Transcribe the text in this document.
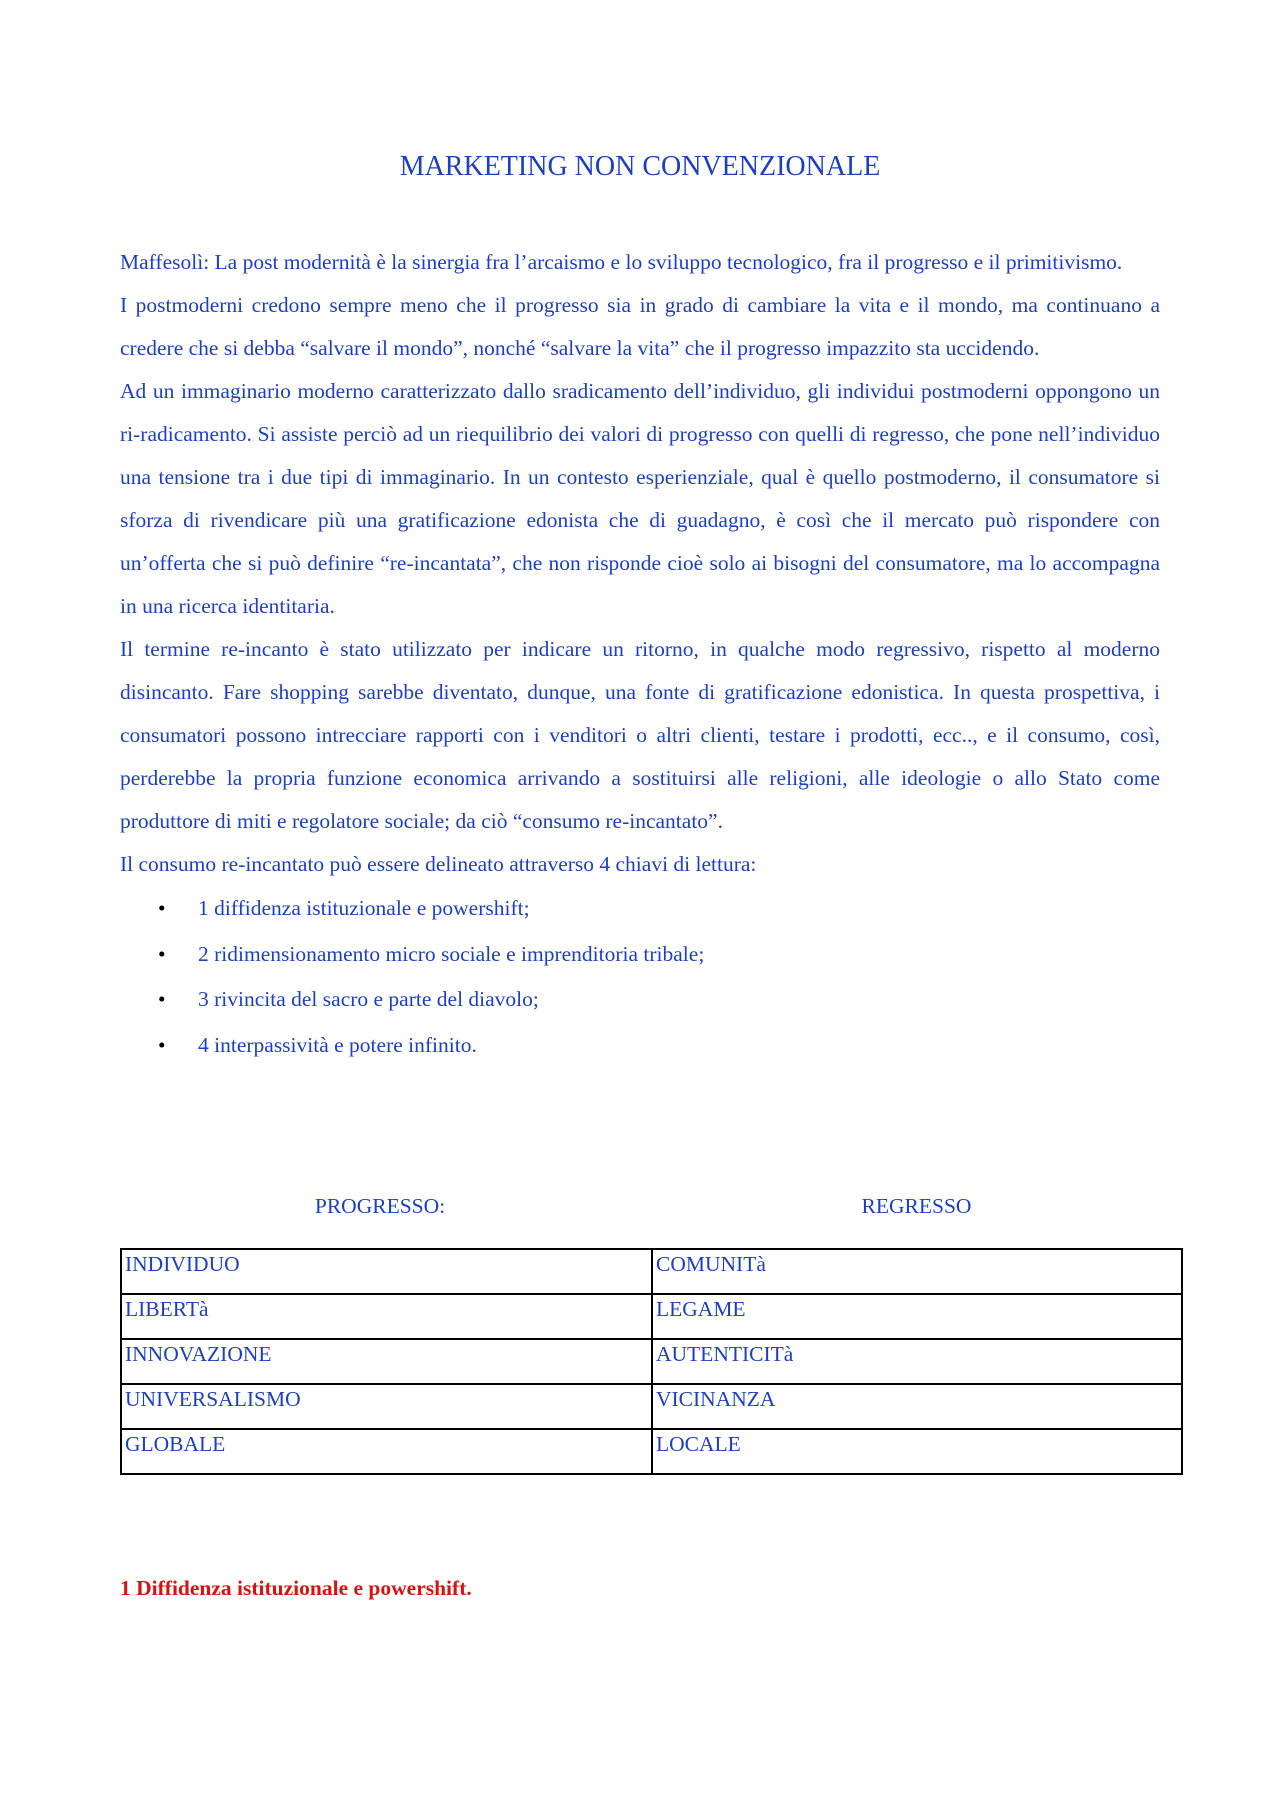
MARKETING NON CONVENZIONALE

Maffesolì: La post modernità è la sinergia fra l’arcaismo e lo sviluppo tecnologico, fra il progresso e il primitivismo.

I postmoderni credono sempre meno che il progresso sia in grado di cambiare la vita e il mondo, ma continuano a credere che si debba “salvare il mondo”, nonché “salvare la vita” che il progresso impazzito sta uccidendo.

Ad un immaginario moderno caratterizzato dallo sradicamento dell’individuo, gli individui postmoderni oppongono un ri-radicamento. Si assiste perciò ad un riequilibrio dei valori di progresso con quelli di regresso, che pone nell’individuo una tensione tra i due tipi di immaginario. In un contesto esperienziale, qual è quello postmoderno, il consumatore si sforza di rivendicare più una gratificazione edonista che di guadagno, è così che il mercato può rispondere con un’offerta che si può definire “re-incantata”, che non risponde cioè solo ai bisogni del consumatore, ma lo accompagna in una ricerca identitaria.

Il termine re-incanto è stato utilizzato per indicare un ritorno, in qualche modo regressivo, rispetto al moderno disincanto. Fare shopping sarebbe diventato, dunque, una fonte di gratificazione edonistica. In questa prospettiva, i consumatori possono intrecciare rapporti con i venditori o altri clienti, testare i prodotti, ecc.., e il consumo, così, perderebbe la propria funzione economica arrivando a sostituirsi alle religioni, alle ideologie o allo Stato come produttore di miti e regolatore sociale; da ciò “consumo re-incantato”.

Il consumo re-incantato può essere delineato attraverso 4 chiavi di lettura:

• 1 diffidenza istituzionale e powershift;
• 2 ridimensionamento micro sociale e imprenditoria tribale;
• 3 rivincita del sacro e parte del diavolo;
• 4 interpassività e potere infinito.
PROGRESSO:	REGRESSO
INDIVIDUO	COMUNITà
LIBERTà	LEGAME
INNOVAZIONE	AUTENTICITà
UNIVERSALISMO	VICINANZA
GLOBALE	LOCALE
1 Diffidenza istituzionale e powershift.
